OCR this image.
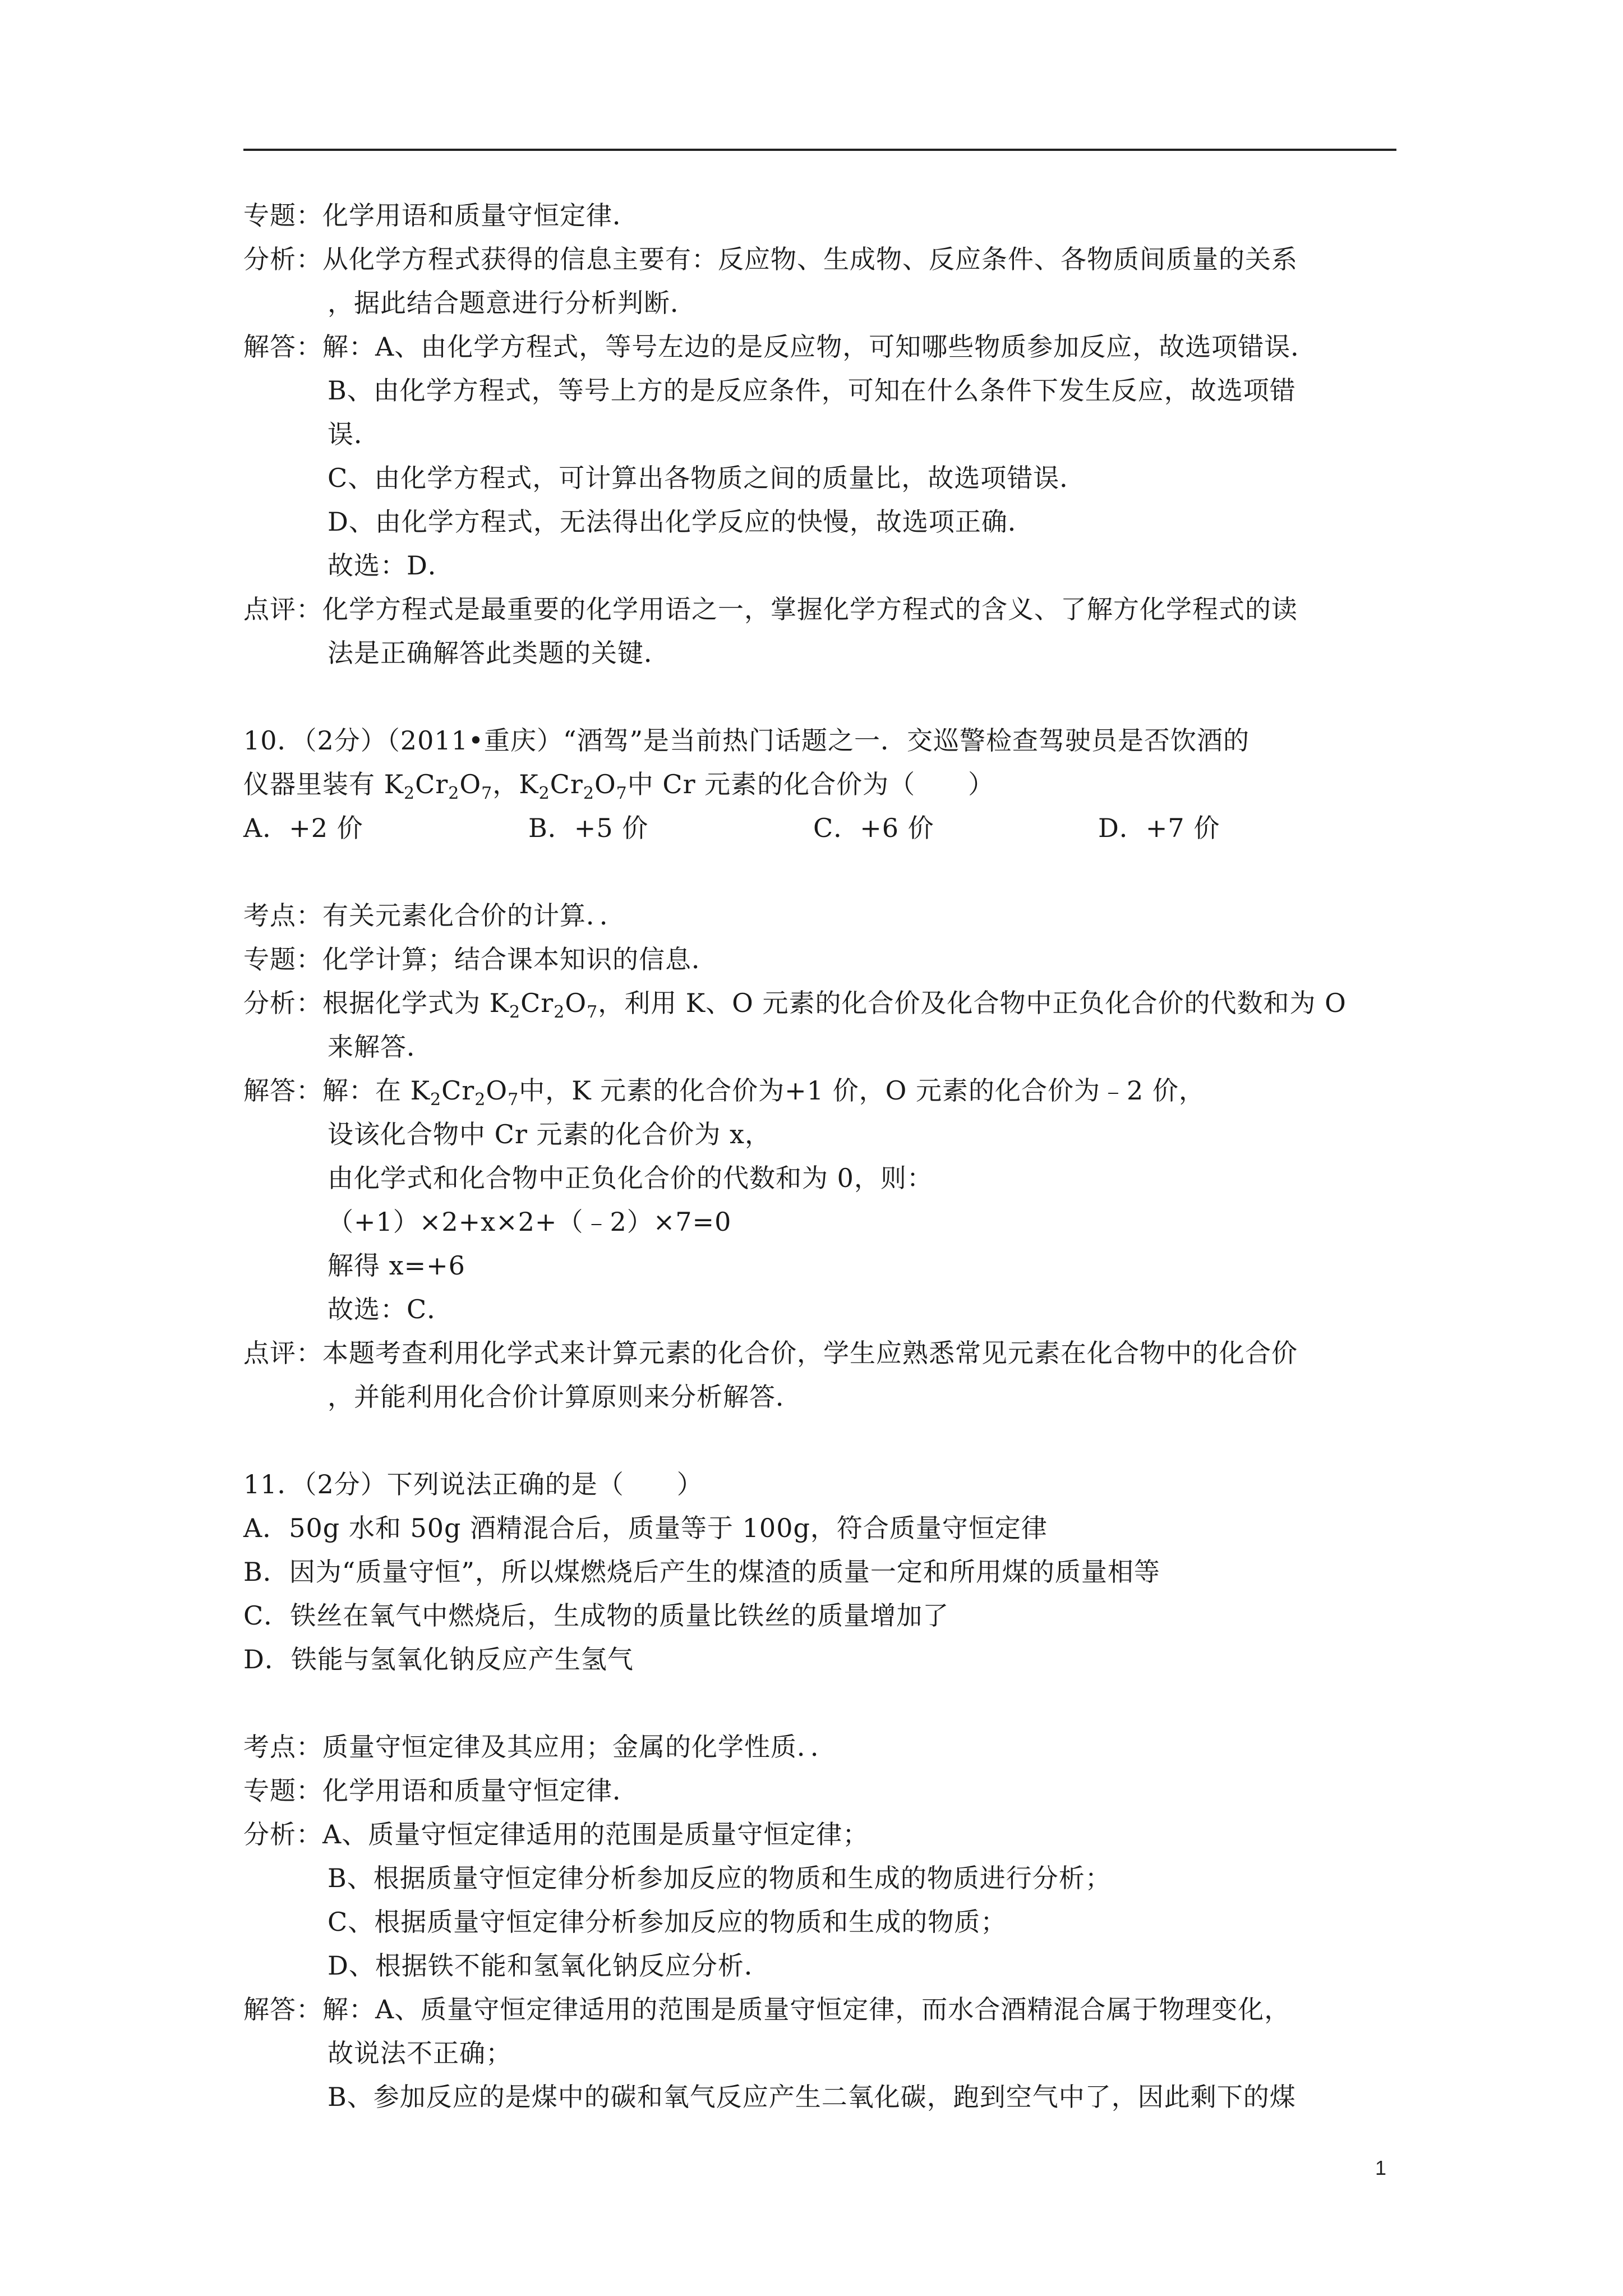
专题：化学用语和质量守恒定律．
分析：从化学方程式获得的信息主要有：反应物、生成物、反应条件、各物质间质量的关系
，据此结合题意进行分析判断．
解答：解：A、由化学方程式，等号左边的是反应物，可知哪些物质参加反应，故选项错误．
B、由化学方程式，等号上方的是反应条件，可知在什么条件下发生反应，故选项错
误．
C、由化学方程式，可计算出各物质之间的质量比，故选项错误．
D、由化学方程式，无法得出化学反应的快慢，故选项正确．
故选：D．
点评：化学方程式是最重要的化学用语之一，掌握化学方程式的含义、了解方化学程式的读
法是正确解答此类题的关键．
10．（2分）（2011•重庆）“酒驾”是当前热门话题之一．交巡警检查驾驶员是否饮酒的
仪器里装有 $K_2Cr_2O_7$，$K_2Cr_2O_7$中 Cr 元素的化合价为（　　）
A．+2 价	B．+5 价	C．+6 价	D．+7 价
考点：有关元素化合价的计算．．
专题：化学计算；结合课本知识的信息．
分析：根据化学式为 $K_2Cr_2O_7$，利用 K、O 元素的化合价及化合物中正负化合价的代数和为 O
来解答．
解答：解：在 $K_2Cr_2O_7$中，K 元素的化合价为+1 价，O 元素的化合价为﹣2 价，
设该化合物中 Cr 元素的化合价为 x，
由化学式和化合物中正负化合价的代数和为 0，则：
（+1）×2+x×2+（﹣2）×7=0
解得 x=+6
故选：C．
点评：本题考查利用化学式来计算元素的化合价，学生应熟悉常见元素在化合物中的化合价
，并能利用化合价计算原则来分析解答．
11．（2分）下列说法正确的是（　　）
A．50g 水和 50g 酒精混合后，质量等于 100g，符合质量守恒定律
B．因为“质量守恒”，所以煤燃烧后产生的煤渣的质量一定和所用煤的质量相等
C．铁丝在氧气中燃烧后，生成物的质量比铁丝的质量增加了
D．铁能与氢氧化钠反应产生氢气
考点：质量守恒定律及其应用；金属的化学性质．．
专题：化学用语和质量守恒定律．
分析：A、质量守恒定律适用的范围是质量守恒定律；
B、根据质量守恒定律分析参加反应的物质和生成的物质进行分析；
C、根据质量守恒定律分析参加反应的物质和生成的物质；
D、根据铁不能和氢氧化钠反应分析．
解答：解：A、质量守恒定律适用的范围是质量守恒定律，而水合酒精混合属于物理变化，
故说法不正确；
B、参加反应的是煤中的碳和氧气反应产生二氧化碳，跑到空气中了，因此剩下的煤
1
